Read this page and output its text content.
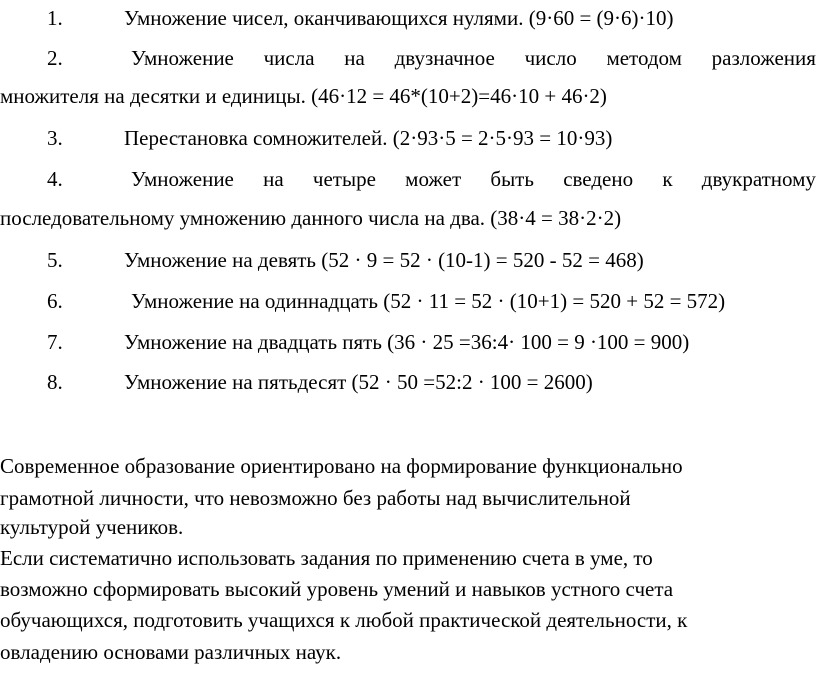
1.	Умножение чисел, оканчивающихся нулями. (9·60 = (9·6)·10)
2.	Умножение числа на двузначное число методом разложения
множителя на десятки и единицы. (46·12 = 46*(10+2)=46·10 + 46·2)
3.	Перестановка сомножителей. (2·93·5 = 2·5·93 = 10·93)
4.	Умножение на четыре может быть сведено к двукратному
последовательному умножению данного числа на два. (38·4 = 38·2·2)
5.	Умножение на девять (52 · 9 = 52 · (10-1) = 520 - 52 = 468)
6.	Умножение на одиннадцать (52 · 11 = 52 · (10+1) = 520 + 52 = 572)
7.	Умножение на двадцать пять (36 · 25 =36:4· 100 = 9 ·100 = 900)
8.	Умножение на пятьдесят (52 · 50 =52:2 · 100 = 2600)
Современное образование ориентировано на формирование функционально
грамотной личности, что невозможно без работы над вычислительной
культурой учеников.
Если систематично использовать задания по применению счета в уме, то
возможно сформировать высокий уровень умений и навыков устного счета
обучающихся, подготовить учащихся к любой практической деятельности, к
овладению основами различных наук.
